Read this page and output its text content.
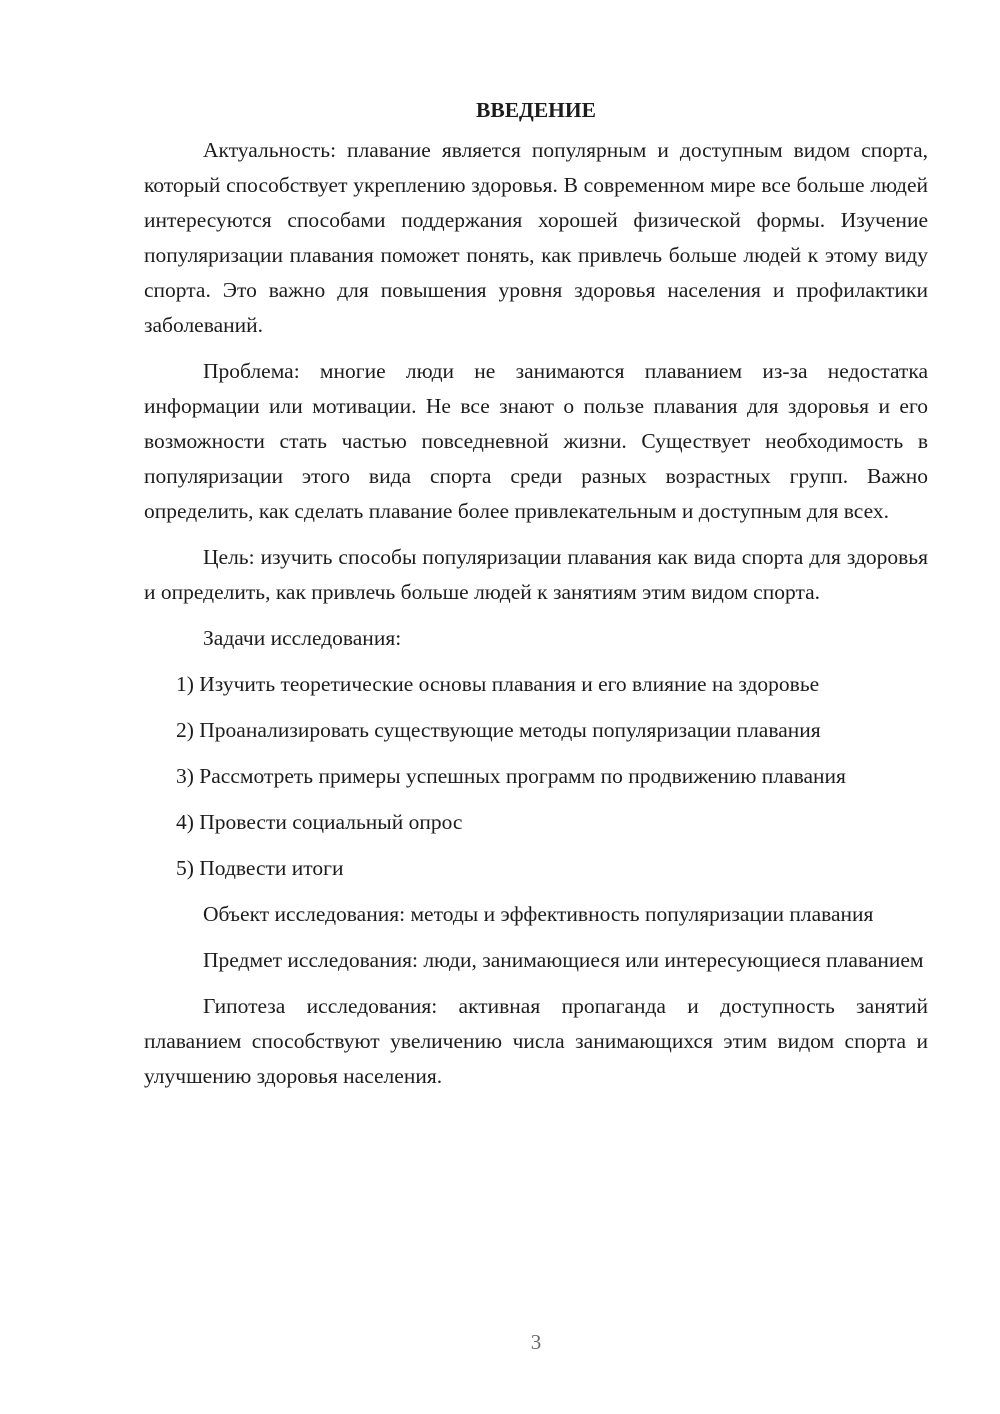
ВВЕДЕНИЕ

Актуальность: плавание является популярным и доступным видом спорта, который способствует укреплению здоровья. В современном мире все больше людей интересуются способами поддержания хорошей физической формы. Изучение популяризации плавания поможет понять, как привлечь больше людей к этому виду спорта. Это важно для повышения уровня здоровья населения и профилактики заболеваний.

Проблема: многие люди не занимаются плаванием из-за недостатка информации или мотивации. Не все знают о пользе плавания для здоровья и его возможности стать частью повседневной жизни. Существует необходимость в популяризации этого вида спорта среди разных возрастных групп. Важно определить, как сделать плавание более привлекательным и доступным для всех.

Цель: изучить способы популяризации плавания как вида спорта для здоровья и определить, как привлечь больше людей к занятиям этим видом спорта.

Задачи исследования:

1) Изучить теоретические основы плавания и его влияние на здоровье

2) Проанализировать существующие методы популяризации плавания

3) Рассмотреть примеры успешных программ по продвижению плавания

4) Провести социальный опрос

5) Подвести итоги

Объект исследования: методы и эффективность популяризации плавания

Предмет исследования: люди, занимающиеся или интересующиеся плаванием

Гипотеза исследования: активная пропаганда и доступность занятий плаванием способствуют увеличению числа занимающихся этим видом спорта и улучшению здоровья населения.

3
